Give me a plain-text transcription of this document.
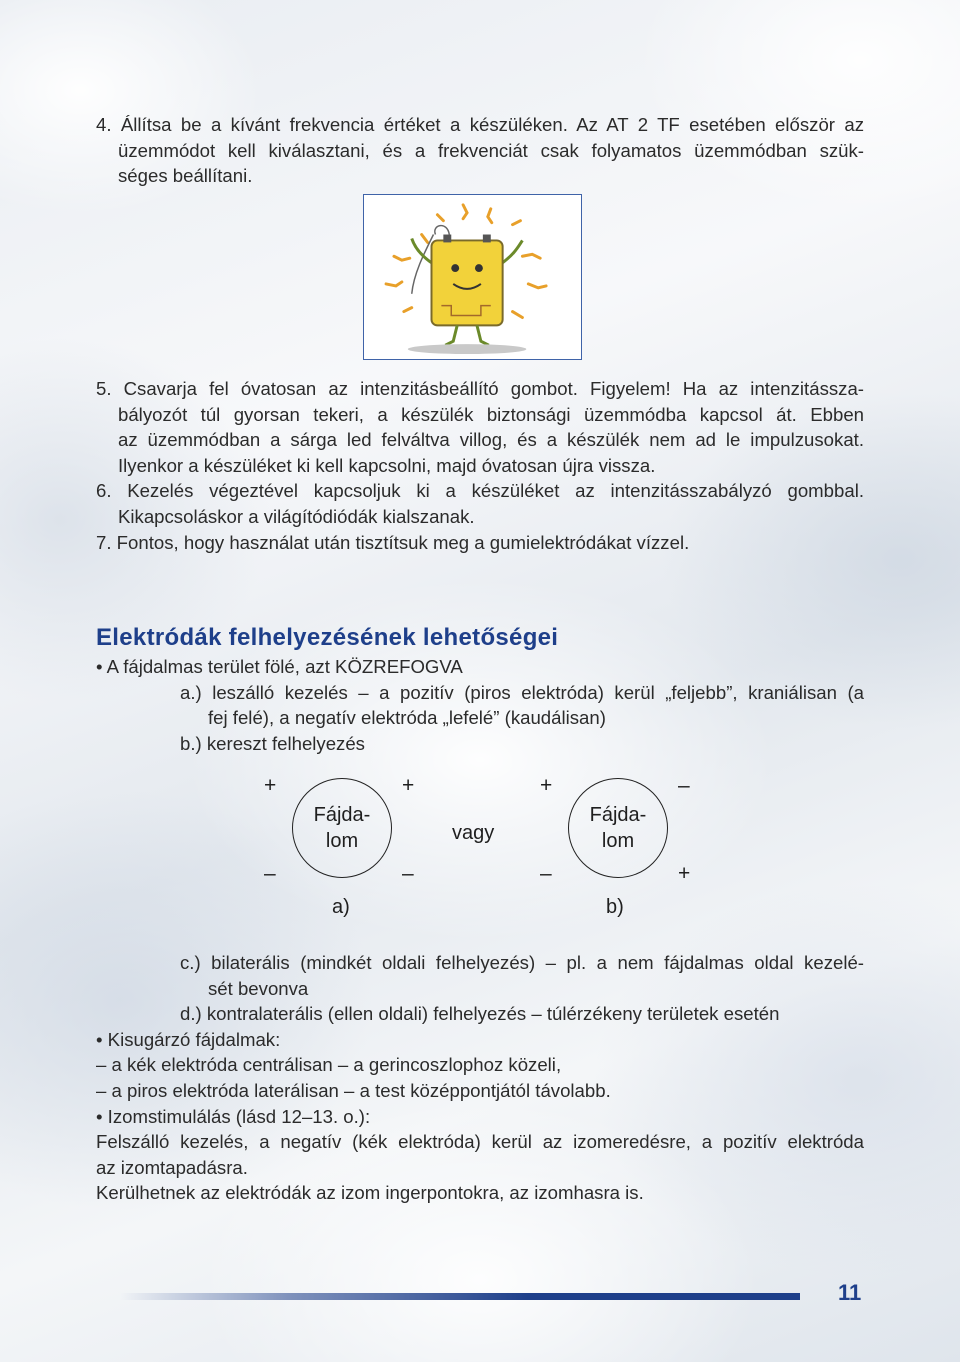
4. Állítsa be a kívánt frekvencia értéket a készüléken. Az AT 2 TF esetében először az
üzemmódot kell kiválasztani, és a frekvenciát csak folyamatos üzemmódban szük-
séges beállítani.
5. Csavarja fel óvatosan az intenzitásbeállító gombot. Figyelem! Ha az intenzitássza-
bályozót túl gyorsan tekeri, a készülék biztonsági üzemmódba kapcsol át. Ebben
az üzemmódban a sárga led felváltva villog, és a készülék nem ad le impulzusokat.
Ilyenkor a készüléket ki kell kapcsolni, majd óvatosan újra vissza.
6. Kezelés végeztével kapcsoljuk ki a készüléket az intenzitásszabályzó gombbal.
Kikapcsoláskor a világítódiódák kialszanak.
7. Fontos, hogy használat után tisztítsuk meg a gumielektródákat vízzel.
Elektródák felhelyezésének lehetőségei
• A fájdalmas terület fölé, azt KÖZREFOGVA
a.) leszálló kezelés – a pozitív (piros elektróda) kerül „feljebb”, kraniálisan (a
fej felé), a negatív elektróda „lefelé” (kaudálisan)
b.) kereszt felhelyezés
+	+
–	–
Fájda-
lom
a)
vagy
+	–
–	+
Fájda-
lom
b)
c.) bilaterális (mindkét oldali felhelyezés) – pl. a nem fájdalmas oldal kezelé-
sét bevonva
d.) kontralaterális (ellen oldali) felhelyezés – túlérzékeny területek esetén
• Kisugárzó fájdalmak:
– a kék elektróda centrálisan – a gerincoszlophoz közeli,
– a piros elektróda laterálisan – a test középpontjától távolabb.
• Izomstimulálás (lásd 12–13. o.):
Felszálló kezelés, a negatív (kék elektróda) kerül az izomeredésre, a pozitív elektróda
az izomtapadásra.
Kerülhetnek az elektródák az izom ingerpontokra, az izomhasra is.
11
